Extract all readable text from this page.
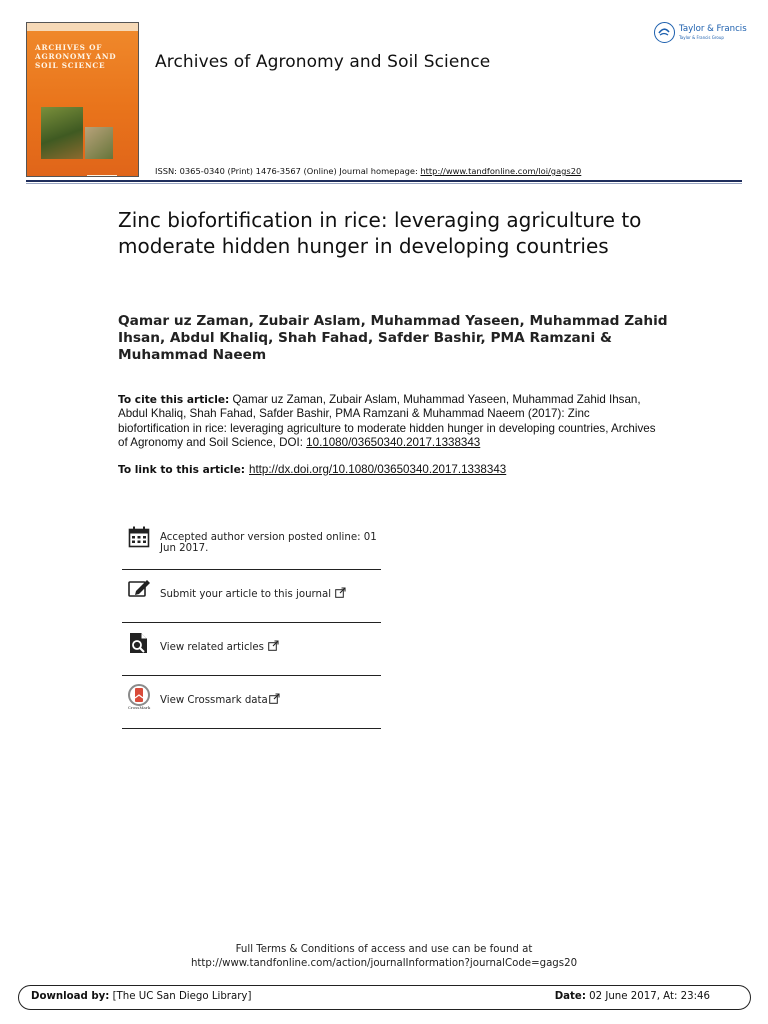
ARCHIVES OF AGRONOMY AND SOIL SCIENCE	Archives of Agronomy and Soil Science
ISSN: 0365-0340 (Print) 1476-3567 (Online) Journal homepage: http://www.tandfonline.com/loi/gags20
Taylor & Francis
Taylor & Francis Group
Zinc biofortification in rice: leveraging agriculture to moderate hidden hunger in developing countries
Qamar uz Zaman, Zubair Aslam, Muhammad Yaseen, Muhammad Zahid Ihsan, Abdul Khaliq, Shah Fahad, Safder Bashir, PMA Ramzani & Muhammad Naeem
To cite this article: Qamar uz Zaman, Zubair Aslam, Muhammad Yaseen, Muhammad Zahid Ihsan, Abdul Khaliq, Shah Fahad, Safder Bashir, PMA Ramzani & Muhammad Naeem (2017): Zinc biofortification in rice: leveraging agriculture to moderate hidden hunger in developing countries, Archives of Agronomy and Soil Science, DOI: 10.1080/03650340.2017.1338343
To link to this article: http://dx.doi.org/10.1080/03650340.2017.1338343
Accepted author version posted online: 01 Jun 2017.
Submit your article to this journal
View related articles
CrossMark
View Crossmark data
Full Terms & Conditions of access and use can be found at
http://www.tandfonline.com/action/journalInformation?journalCode=gags20
Download by: [The UC San Diego Library]	Date: 02 June 2017, At: 23:46
